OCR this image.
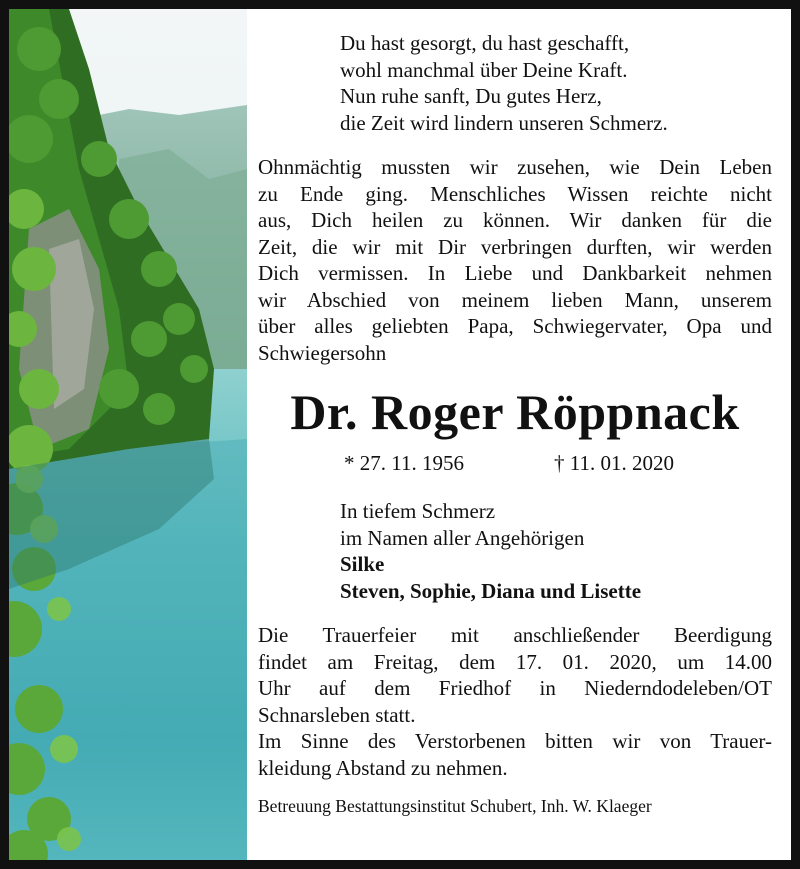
Du hast gesorgt, du hast geschafft,
wohl manchmal über Deine Kraft.
Nun ruhe sanft, Du gutes Herz,
die Zeit wird lindern unseren Schmerz.
Ohnmächtig mussten wir zusehen, wie Dein Leben
zu Ende ging. Menschliches Wissen reichte nicht
aus, Dich heilen zu können. Wir danken für die
Zeit, die wir mit Dir verbringen durften, wir werden
Dich vermissen. In Liebe und Dankbarkeit nehmen
wir Abschied von meinem lieben Mann, unserem
über alles geliebten Papa, Schwiegervater, Opa und
Schwiegersohn
Dr. Roger Röppnack
* 27. 11. 1956	† 11. 01. 2020
In tiefem Schmerz
im Namen aller Angehörigen
Silke
Steven, Sophie, Diana und Lisette
Die Trauerfeier mit anschließender Beerdigung
findet am Freitag, dem 17. 01. 2020, um 14.00
Uhr auf dem Friedhof in Niederndodeleben/OT
Schnarsleben statt.
Im Sinne des Verstorbenen bitten wir von Trauer-
kleidung Abstand zu nehmen.
Betreuung Bestattungsinstitut Schubert, Inh. W. Klaeger
